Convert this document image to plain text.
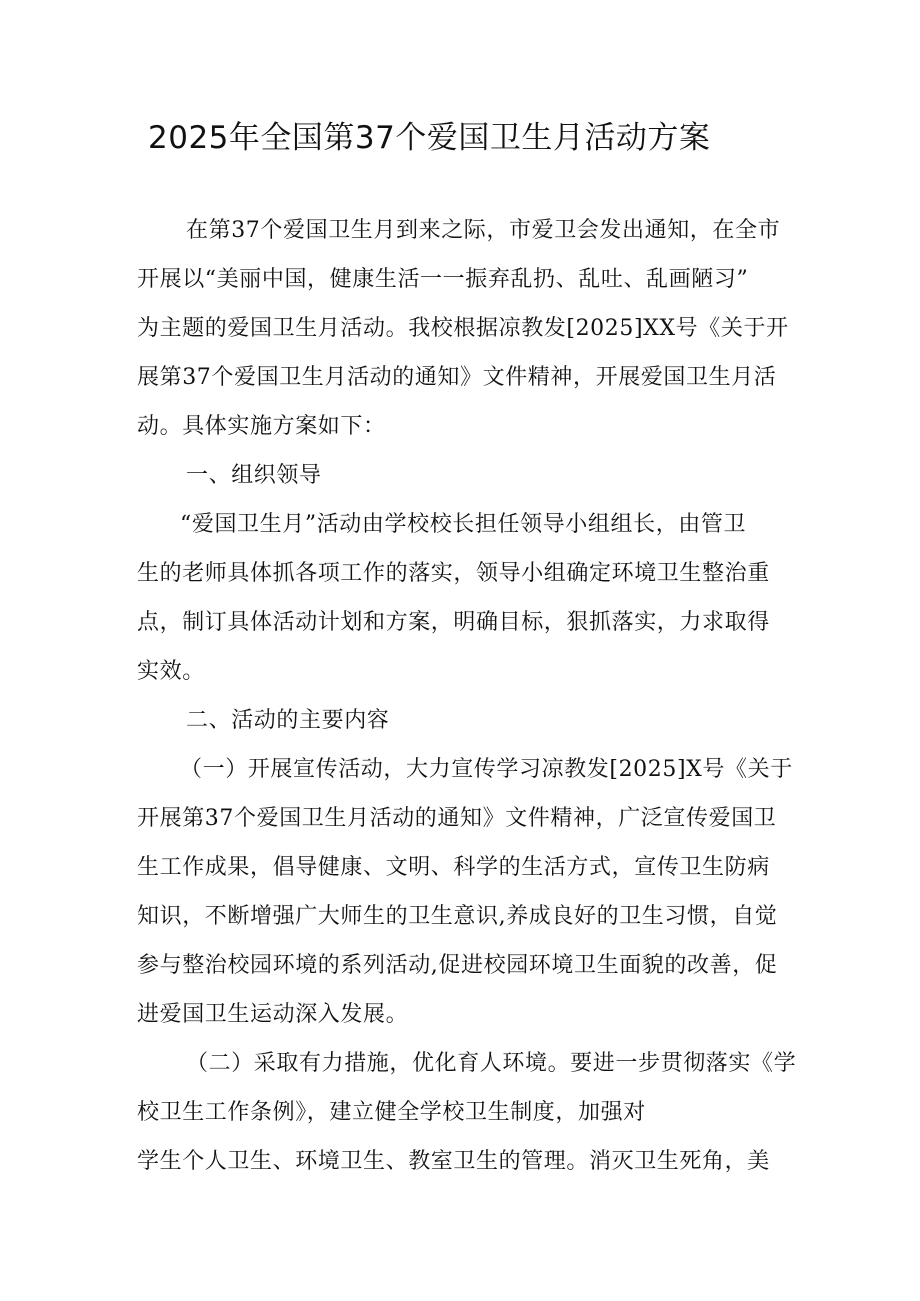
2025年全国第37个爱国卫生月活动方案
在第37个爱国卫生月到来之际，市爱卫会发出通知，在全市
开展以“美丽中国，健康生活一一振弃乱扔、乱吐、乱画陋习”
为主题的爱国卫生月活动。我校根据凉教发[2025]XX号《关于开
展第37个爱国卫生月活动的通知》文件精神，开展爱国卫生月活
动。具体实施方案如下：
一、组织领导
“爱国卫生月”活动由学校校长担任领导小组组长，由管卫
生的老师具体抓各项工作的落实，领导小组确定环境卫生整治重
点，制订具体活动计划和方案，明确目标，狠抓落实，力求取得
实效。
二、活动的主要内容
（一）开展宣传活动，大力宣传学习凉教发[2025]X号《关于
开展第37个爱国卫生月活动的通知》文件精神，广泛宣传爱国卫
生工作成果，倡导健康、文明、科学的生活方式，宣传卫生防病
知识，不断增强广大师生的卫生意识,养成良好的卫生习惯，自觉
参与整治校园环境的系列活动,促进校园环境卫生面貌的改善，促
进爱国卫生运动深入发展。
（二）采取有力措施，优化育人环境。要进一步贯彻落实《学
校卫生工作条例》，建立健全学校卫生制度，加强对
学生个人卫生、环境卫生、教室卫生的管理。消灭卫生死角，美
